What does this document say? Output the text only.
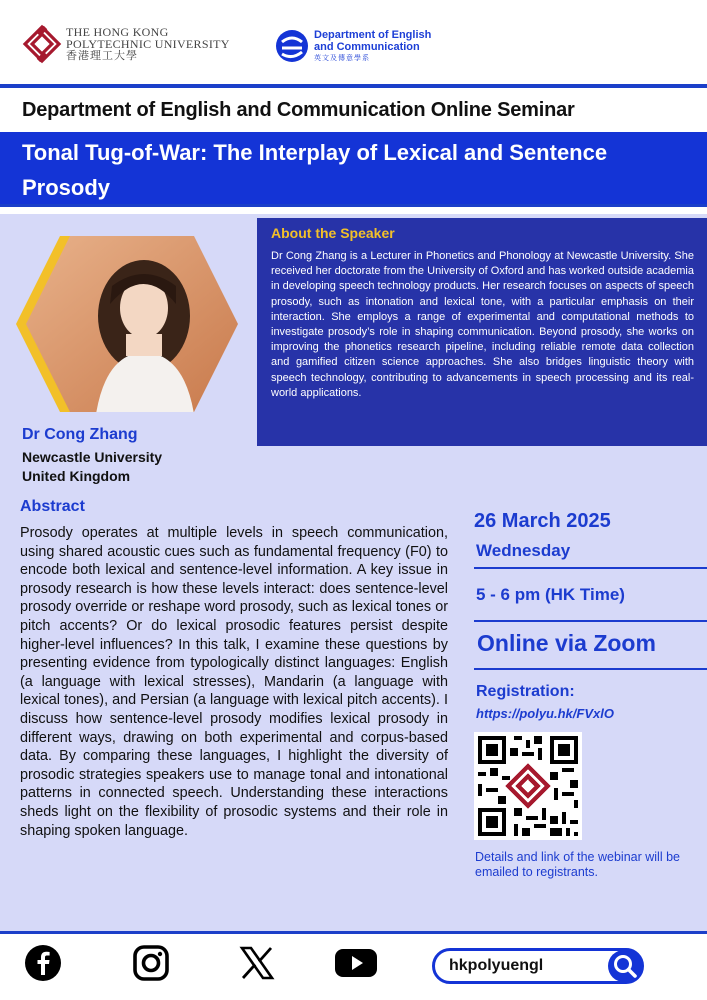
THE HONG KONG
POLYTECHNIC UNIVERSITY
香港理工大學
Department of English
and Communication
英文及傳意學系
Department of English and Communication Online Seminar
Tonal Tug-of-War: The Interplay of Lexical and Sentence Prosody
Dr Cong Zhang
Newcastle University
United Kingdom
About the Speaker
Dr Cong Zhang is a Lecturer in Phonetics and Phonology at Newcastle University. She received her doctorate from the University of Oxford and has worked outside academia in developing speech technology products. Her research focuses on aspects of speech prosody, such as intonation and lexical tone, with a particular emphasis on their interaction. She employs a range of experimental and computational methods to investigate prosody’s role in shaping communication. Beyond prosody, she works on improving the phonetics research pipeline, including reliable remote data collection and gamified citizen science approaches. She also bridges linguistic theory with speech technology, contributing to advancements in speech processing and its real-world applications.
Abstract
Prosody operates at multiple levels in speech communication, using shared acoustic cues such as fundamental frequency (F0) to encode both lexical and sentence-level information. A key issue in prosody research is how these levels interact: does sentence-level prosody override or reshape word prosody, such as lexical tones or pitch accents? Or do lexical prosodic features persist despite higher-level influences? In this talk, I examine these questions by presenting evidence from typologically distinct languages: English (a language with lexical stresses), Mandarin (a language with lexical tones), and Persian (a language with lexical pitch accents). I discuss how sentence-level prosody modifies lexical prosody in different ways, drawing on both experimental and corpus-based data. By comparing these languages, I highlight the diversity of prosodic strategies speakers use to manage tonal and intonational patterns in connected speech. Understanding these interactions sheds light on the flexibility of prosodic systems and their role in shaping spoken language.
26 March 2025
Wednesday
5 - 6 pm (HK Time)
Online via Zoom
Registration:
https://polyu.hk/FVxlO
Details and link of the webinar will be emailed to registrants.
hkpolyuengl
